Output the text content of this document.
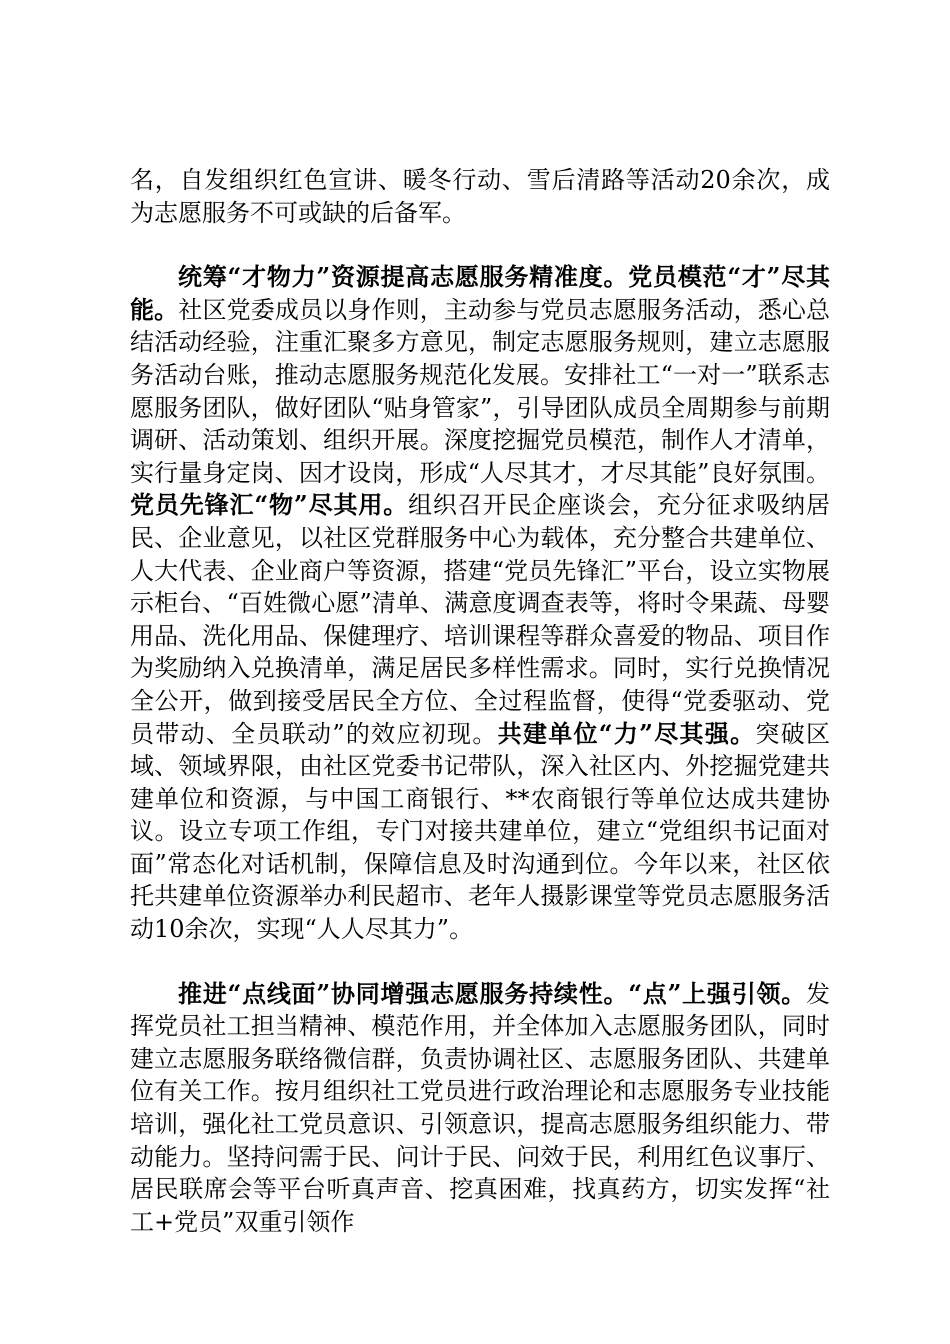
名，自发组织红色宣讲、暖冬行动、雪后清路等活动20余次，成为志愿服务不可或缺的后备军。

统筹“才物力”资源提高志愿服务精准度。党员模范“才”尽其能。社区党委成员以身作则，主动参与党员志愿服务活动，悉心总结活动经验，注重汇聚多方意见，制定志愿服务规则，建立志愿服务活动台账，推动志愿服务规范化发展。安排社工“一对一”联系志愿服务团队，做好团队“贴身管家”，引导团队成员全周期参与前期调研、活动策划、组织开展。深度挖掘党员模范，制作人才清单，实行量身定岗、因才设岗，形成“人尽其才，才尽其能”良好氛围。党员先锋汇“物”尽其用。组织召开民企座谈会，充分征求吸纳居民、企业意见，以社区党群服务中心为载体，充分整合共建单位、人大代表、企业商户等资源，搭建“党员先锋汇”平台，设立实物展示柜台、“百姓微心愿”清单、满意度调查表等，将时令果蔬、母婴用品、洗化用品、保健理疗、培训课程等群众喜爱的物品、项目作为奖励纳入兑换清单，满足居民多样性需求。同时，实行兑换情况全公开，做到接受居民全方位、全过程监督，使得“党委驱动、党员带动、全员联动”的效应初现。共建单位“力”尽其强。突破区域、领域界限，由社区党委书记带队，深入社区内、外挖掘党建共建单位和资源，与中国工商银行、**农商银行等单位达成共建协议。设立专项工作组，专门对接共建单位，建立“党组织书记面对面”常态化对话机制，保障信息及时沟通到位。今年以来，社区依托共建单位资源举办利民超市、老年人摄影课堂等党员志愿服务活动10余次，实现“人人尽其力”。

推进“点线面”协同增强志愿服务持续性。“点”上强引领。发挥党员社工担当精神、模范作用，并全体加入志愿服务团队，同时建立志愿服务联络微信群，负责协调社区、志愿服务团队、共建单位有关工作。按月组织社工党员进行政治理论和志愿服务专业技能培训，强化社工党员意识、引领意识，提高志愿服务组织能力、带动能力。坚持问需于民、问计于民、问效于民，利用红色议事厅、居民联席会等平台听真声音、挖真困难，找真药方，切实发挥“社工+党员”双重引领作
